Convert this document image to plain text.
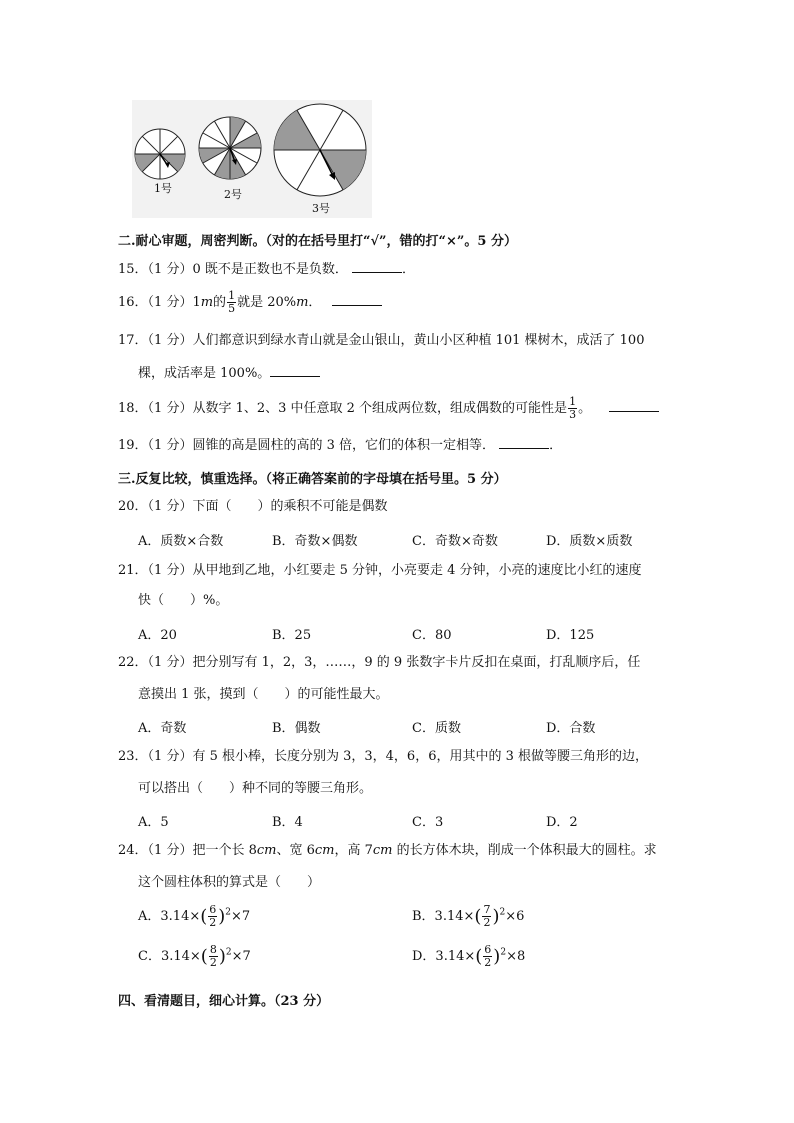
1号	2号
3号
二.耐心审题，周密判断。（对的在括号里打“√”，错的打“×”。5 分）
15．（1 分）0 既不是正数也不是负数．	．
16．（1 分）1m的 $\frac{1}{5}$ 就是 20%m．
17．（1 分）人们都意识到绿水青山就是金山银山，黄山小区种植 101 棵树木，成活了 100
棵，成活率是 100%。
18．（1 分）从数字 1、2、3 中任意取 2 个组成两位数，组成偶数的可能性是 $\frac{1}{3}$ 。
19．（1 分）圆锥的高是圆柱的高的 3 倍，它们的体积一定相等．	．
三.反复比较，慎重选择。（将正确答案前的字母填在括号里。5 分）
20．（1 分）下面（　　）的乘积不可能是偶数
A．质数×合数	B．奇数×偶数	C．奇数×奇数	D．质数×质数
21．（1 分）从甲地到乙地，小红要走 5 分钟，小亮要走 4 分钟，小亮的速度比小红的速度
快（　　）%。
A．20	B．25	C．80	D．125
22．（1 分）把分别写有 1，2，3，……，9 的 9 张数字卡片反扣在桌面，打乱顺序后，任
意摸出 1 张，摸到（　　）的可能性最大。
A．奇数	B．偶数	C．质数	D．合数
23．（1 分）有 5 根小棒，长度分别为 3，3，4，6，6，用其中的 3 根做等腰三角形的边，
可以搭出（　　）种不同的等腰三角形。
A．5	B．4	C．3	D．2
24．（1 分）把一个长 8cm、宽 6cm，高 7cm 的长方体木块，削成一个体积最大的圆柱。求
这个圆柱体积的算式是（　　）
A．$3.14\times( \frac{6}{2} )^2\times 7$	B．$3.14\times( \frac{7}{2} )^2\times 6$
C．$3.14\times( \frac{8}{2} )^2\times 7$	D．$3.14\times( \frac{6}{2} )^2\times 8$
四、看清题目，细心计算。（23 分）
